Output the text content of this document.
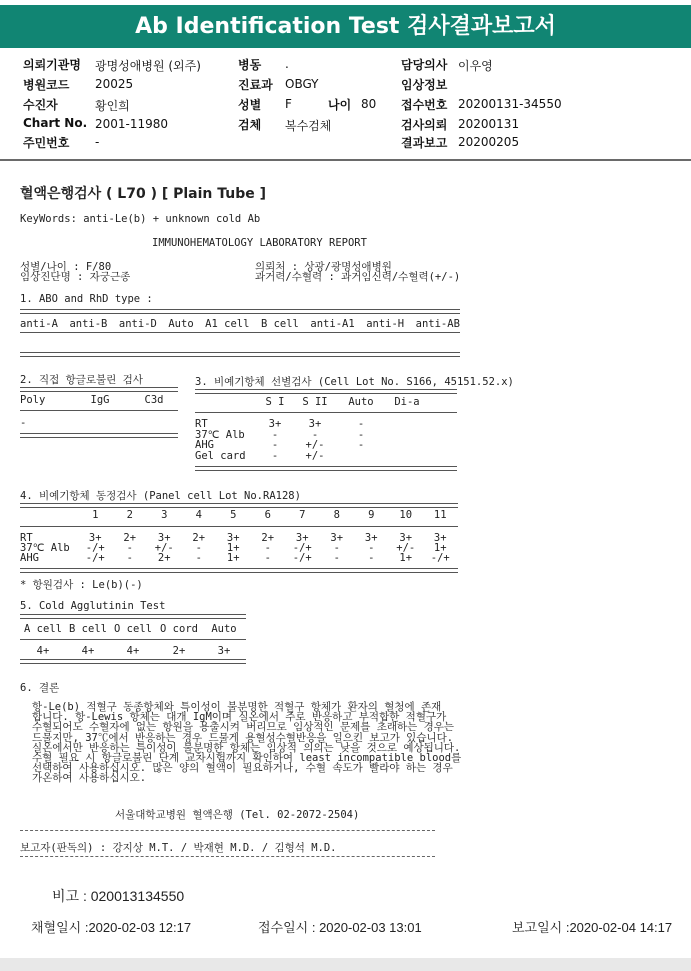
Ab Identification Test 검사결과보고서
의뢰기관명 광명성애병원 (외주)
병원코드 20025
수진자	황인희
Chart No. 2001-11980
주민번호 -
병동 .
진료과 OBGY
성별 F	나이 80
검체 복수검체
담당의사 이우영
임상정보
접수번호 20200131-34550
검사의뢰 20200131
결과보고 20200205
혈액은행검사 ( L70 ) [ Plain Tube ]
KeyWords: anti-Le(b) + unknown cold Ab
IMMUNOHEMATOLOGY LABORATORY REPORT
성별/나이 : F/80
임상진단명 : 자궁근종
의뢰처 : 상광/광명성애병원
과거력/수혈력 : 과거임신력/수혈력(+/-)
1. ABO and RhD type :
anti-A anti-B anti-D Auto A1 cell B cell anti-A1 anti-H anti-AB
2. 직접 항글로불린 검사
Poly	IgG	C3d
-
3. 비예기항체 선별검사 (Cell Lot No. S166, 45151.52.x)
S I	S II	Auto	Di-a
RT	3+	3+	-
37℃ Alb	-	-	-
AHG	-	+/-	-
Gel card	-	+/-
4. 비예기항체 동정검사 (Panel cell Lot No.RA128)
1	2	3	4	5	6	7	8	9	10	11
RT	3+	2+	3+	2+	3+	2+	3+	3+	3+	3+	3+
37℃ Alb	-/+	-	+/-	-	1+	-	-/+	-	-	+/-	1+
AHG	-/+	-	2+	-	1+	-	-/+	-	-	1+	-/+
* 항원검사 : Le(b)(-)
5. Cold Agglutinin Test
A cell B cell O cell O cord	Auto
4+	4+	4+	2+	3+
6. 결론
항-Le(b) 적혈구 동종항체와 특이성이 불분명한 적혈구 항체가 환자의 혈청에 존재
합니다. 항-Lewis 항체는 대개 IgM이며 실온에서 주로 반응하고 부적합한 적혈구가
수혈되어도 수혈자에 없는 항원을 용출시켜 버리므로 임상적인 문제를 초래하는 경우는
드물지만, 37℃에서 반응하는 경우 드물게 용혈성수혈반응을 일으킨 보고가 있습니다.
실온에서만 반응하는 특이성이 불분명한 항체는 임상적 의의는 낮을 것으로 예상됩니다.
수혈 필요 시 항글로불린 단계 교차시험까지 확인하여 least incompatible blood를
선택하여 사용하십시오. 많은 양의 혈액이 필요하거나, 수혈 속도가 빨라야 하는 경우
가온하여 사용하십시오.
서울대학교병원 혈액은행 (Tel. 02-2072-2504)
보고자(판독의) : 강지상 M.T. / 박재현 M.D. / 김형석 M.D.
비고 : 020013134550
채혈일시 :2020-02-03 12:17	접수일시 : 2020-02-03 13:01	보고일시 :2020-02-04 14:17
